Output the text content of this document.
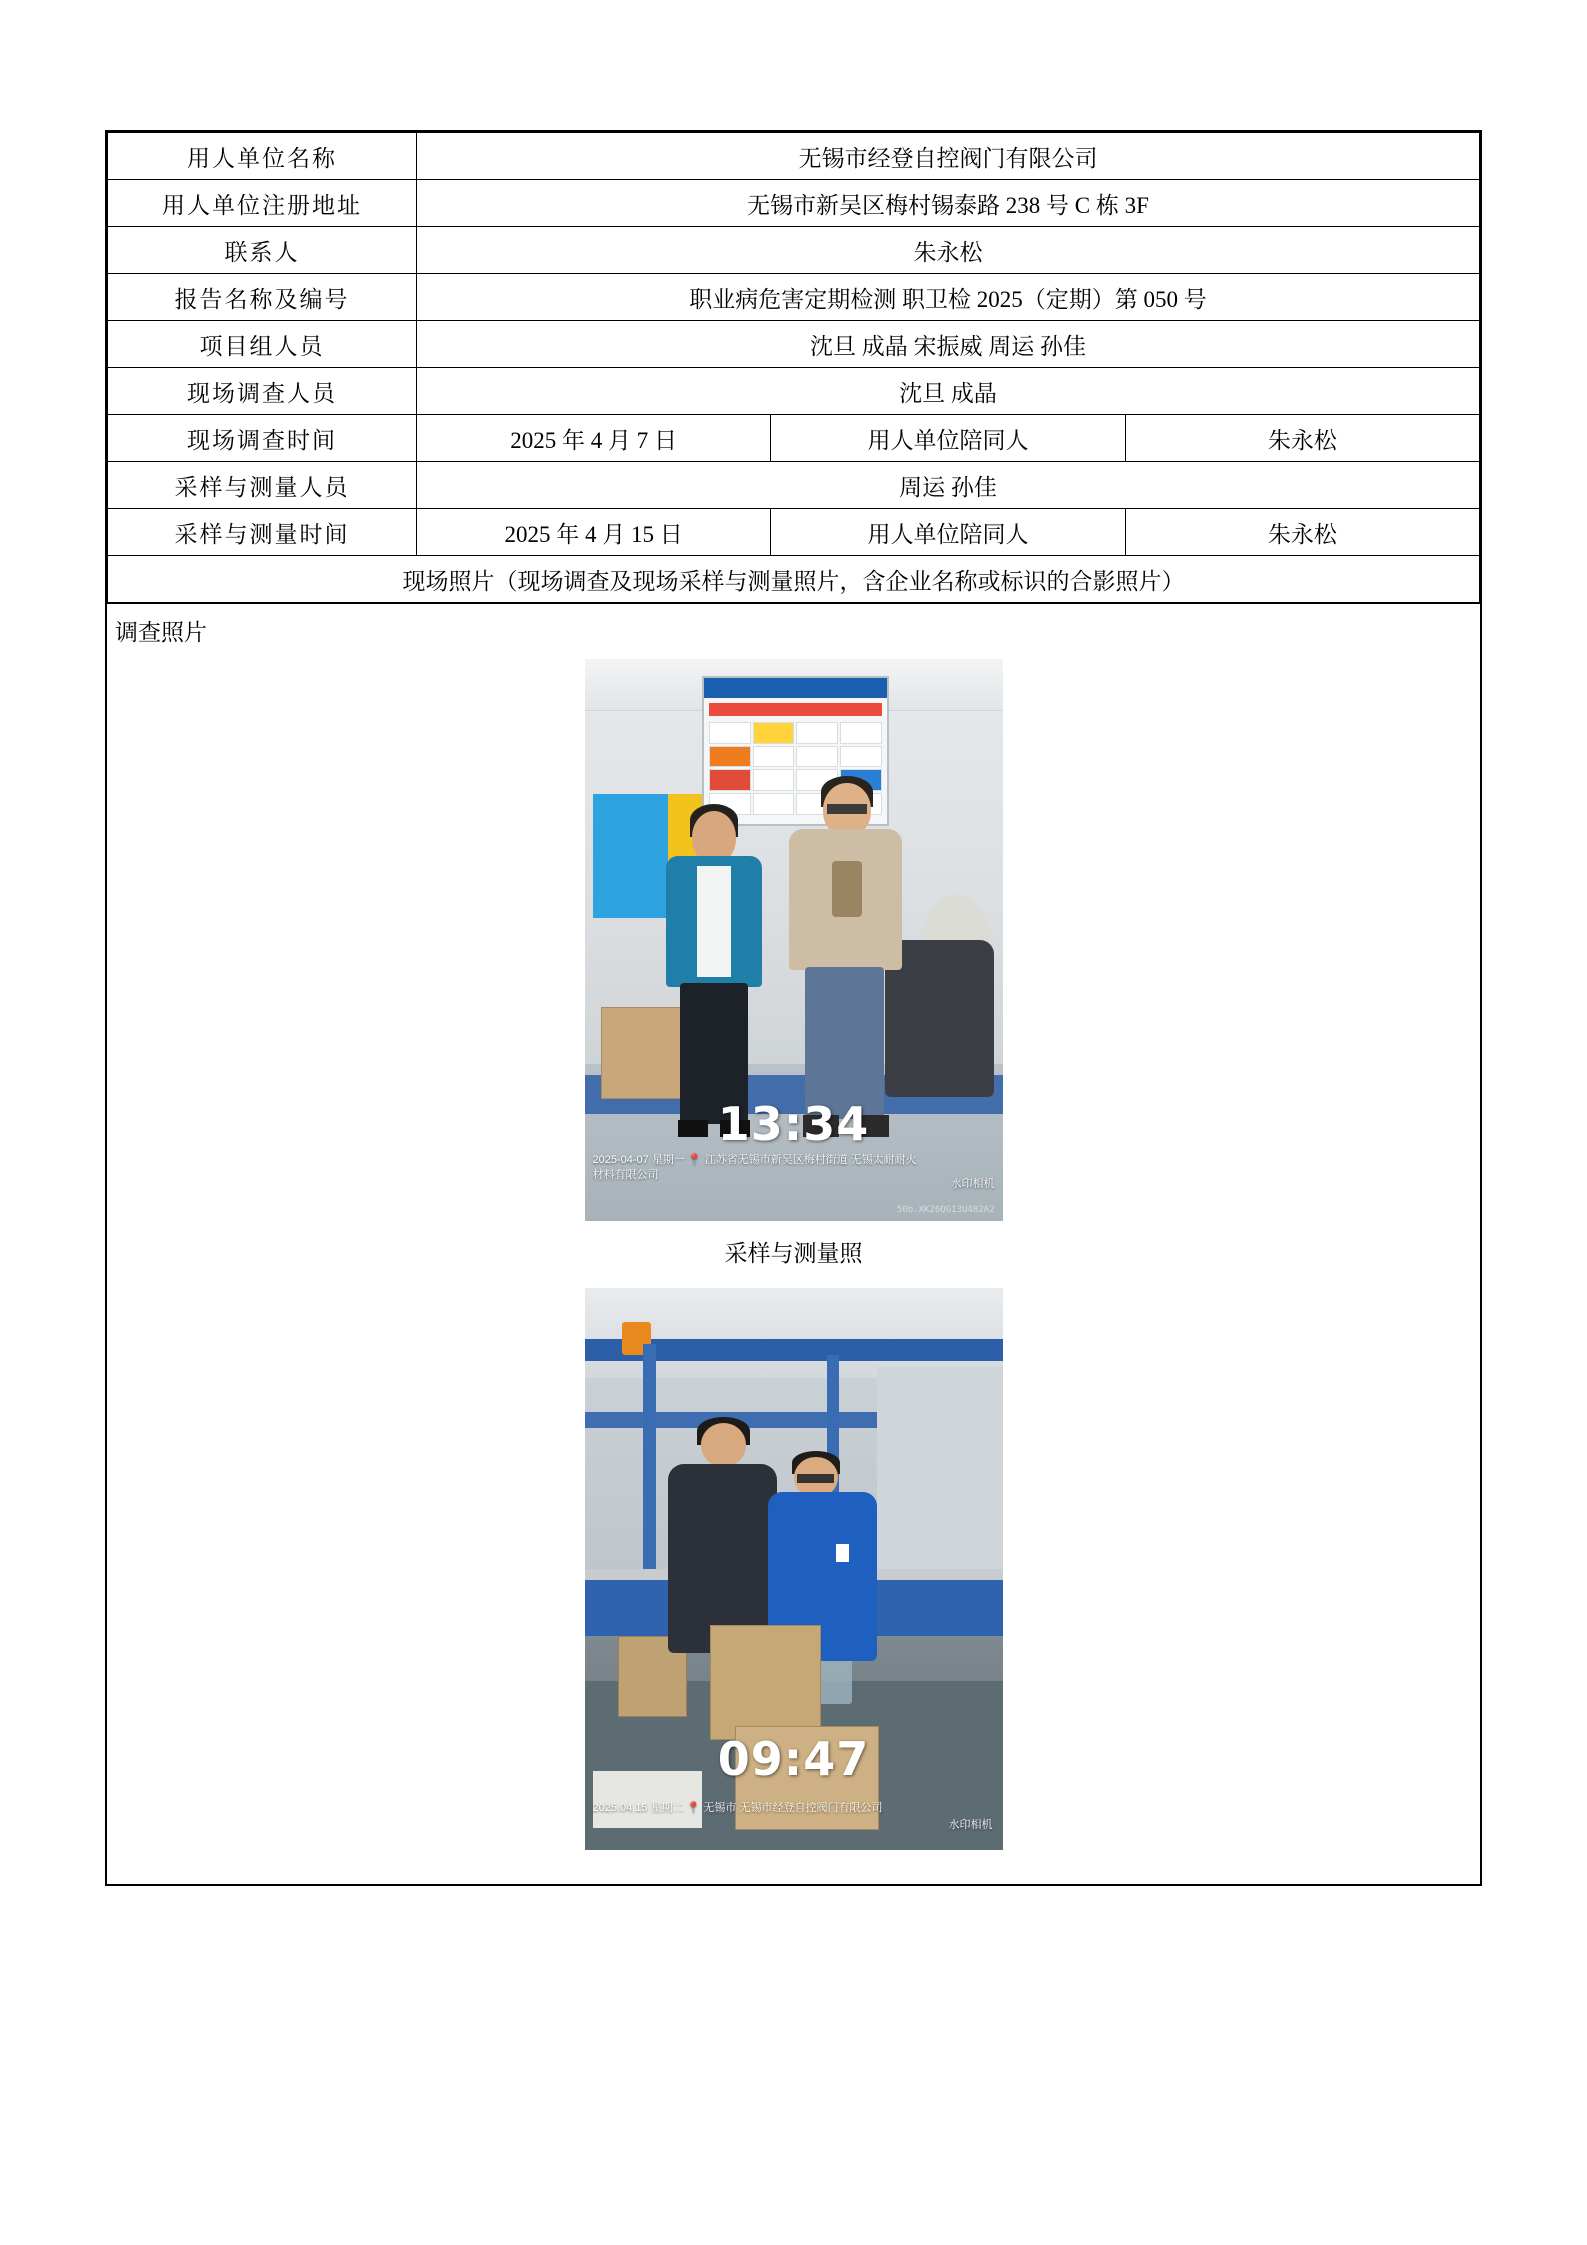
用人单位名称	无锡市经登自控阀门有限公司		
用人单位注册地址	无锡市新吴区梅村锡泰路 238 号 C 栋 3F		
联系人	朱永松		
报告名称及编号	职业病危害定期检测 职卫检 2025（定期）第 050 号		
项目组人员	沈旦 成晶 宋振威 周运 孙佳		
现场调查人员	沈旦 成晶		
现场调查时间	2025 年 4 月 7 日	用人单位陪同人	朱永松
采样与测量人员	周运 孙佳		
采样与测量时间	2025 年 4 月 15 日	用人单位陪同人	朱永松
现场照片（现场调查及现场采样与测量照片，含企业名称或标识的合影照片）			
调查照片
13:34
2025-04-07 星期一 📍 江苏省无锡市新吴区梅村街道 无锡太耐耐火材料有限公司
水印相机
50b.XK26QG13U482A2
采样与测量照
09:47
2025.04.15 星期二 📍 无锡市 无锡市经登自控阀门有限公司
水印相机
